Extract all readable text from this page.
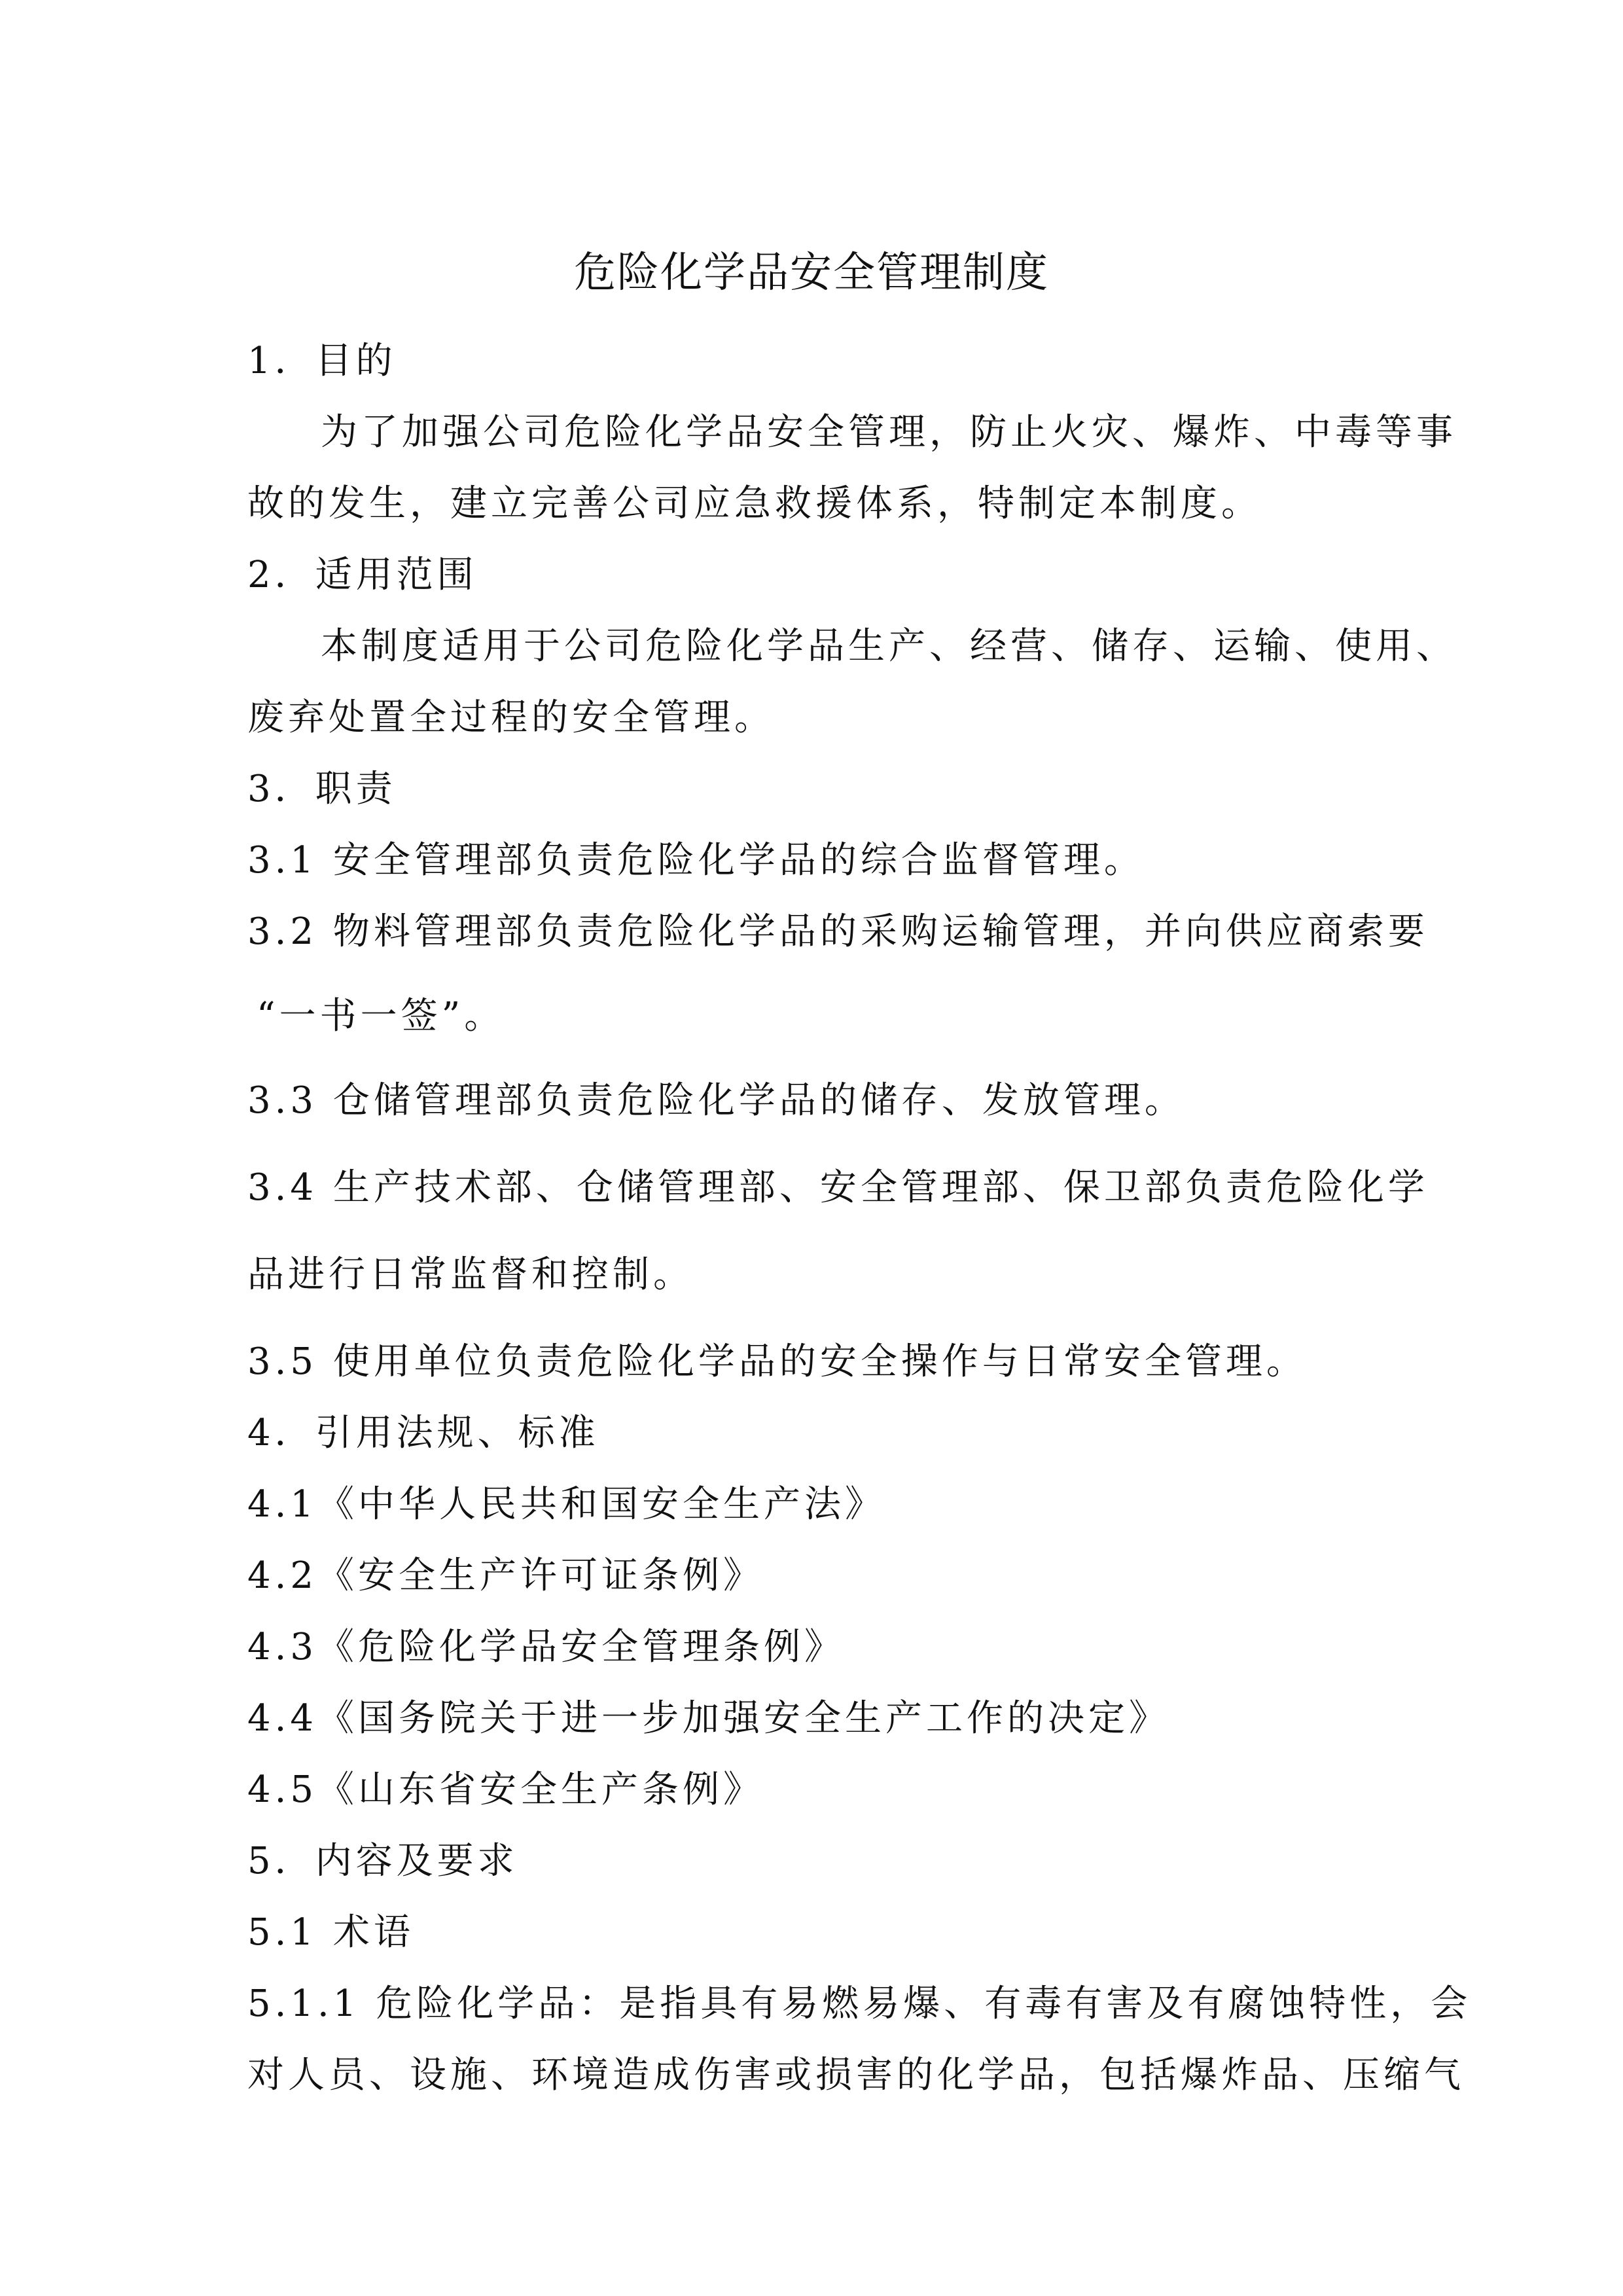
危险化学品安全管理制度
1．目的
为了加强公司危险化学品安全管理，防止火灾、爆炸、中毒等事
故的发生，建立完善公司应急救援体系，特制定本制度。
2．适用范围
本制度适用于公司危险化学品生产、经营、储存、运输、使用、
废弃处置全过程的安全管理。
3．职责
3.1 安全管理部负责危险化学品的综合监督管理。
3.2 物料管理部负责危险化学品的采购运输管理，并向供应商索要
“一书一签”。
3.3 仓储管理部负责危险化学品的储存、发放管理。
3.4 生产技术部、仓储管理部、安全管理部、保卫部负责危险化学
品进行日常监督和控制。
3.5 使用单位负责危险化学品的安全操作与日常安全管理。
4．引用法规、标准
4.1《中华人民共和国安全生产法》
4.2《安全生产许可证条例》
4.3《危险化学品安全管理条例》
4.4《国务院关于进一步加强安全生产工作的决定》
4.5《山东省安全生产条例》
5．内容及要求
5.1 术语
5.1.1 危险化学品：是指具有易燃易爆、有毒有害及有腐蚀特性，会
对人员、设施、环境造成伤害或损害的化学品，包括爆炸品、压缩气
